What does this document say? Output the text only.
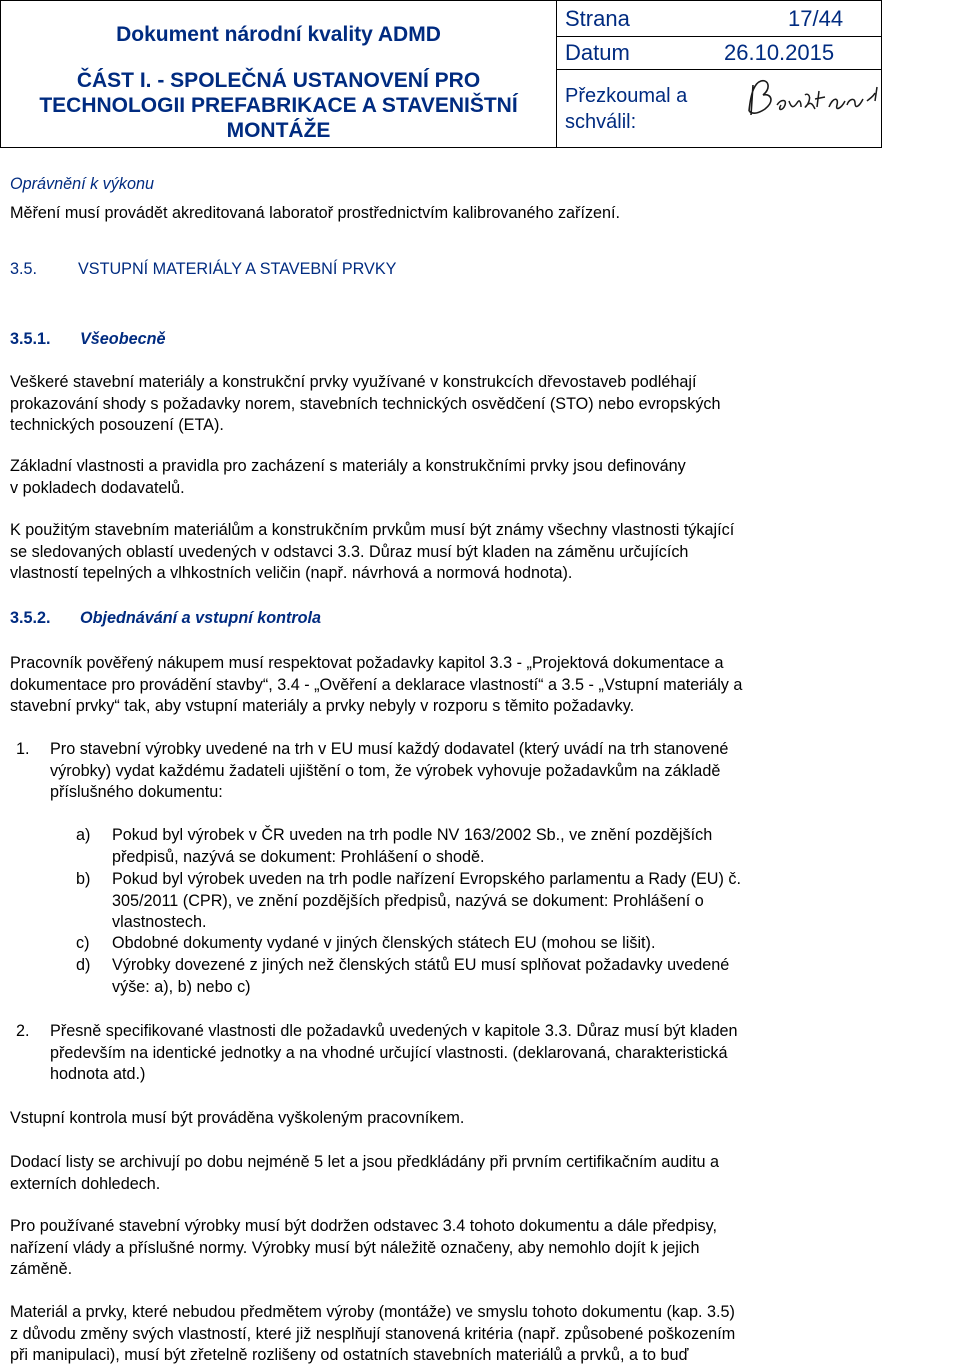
Dokument národní kvality ADMD
ČÁST I. - SPOLEČNÁ USTANOVENÍ PRO
TECHNOLOGII PREFABRIKACE A STAVENIŠTNÍ
MONTÁŽE
Strana	17/44
Datum	26.10.2015
Přezkoumal a
schválil:
Oprávnění k výkonu
Měření musí provádět akreditovaná laboratoř prostřednictvím kalibrovaného zařízení.
3.5.	VSTUPNÍ MATERIÁLY A STAVEBNÍ PRVKY
3.5.1. Všeobecně
Veškeré stavební materiály a konstrukční prvky využívané v konstrukcích dřevostaveb podléhají
prokazování shody s požadavky norem, stavebních technických osvědčení (STO) nebo evropských
technických posouzení (ETA).
Základní vlastnosti a pravidla pro zacházení s materiály a konstrukčními prvky jsou definovány
v pokladech dodavatelů.
K použitým stavebním materiálům a konstrukčním prvkům musí být známy všechny vlastnosti týkající
se sledovaných oblastí uvedených v odstavci 3.3. Důraz musí být kladen na záměnu určujících
vlastností tepelných a vlhkostních veličin (např. návrhová a normová hodnota).
3.5.2. Objednávání a vstupní kontrola
Pracovník pověřený nákupem musí respektovat požadavky kapitol 3.3 - „Projektová dokumentace a
dokumentace pro provádění stavby“, 3.4 - „Ověření a deklarace vlastností“ a 3.5 - „Vstupní materiály a
stavební prvky“ tak, aby vstupní materiály a prvky nebyly v rozporu s těmito požadavky.
1. Pro stavební výrobky uvedené na trh v EU musí každý dodavatel (který uvádí na trh stanovené
výrobky) vydat každému žadateli ujištění o tom, že výrobek vyhovuje požadavkům na základě
příslušného dokumentu:
a) Pokud byl výrobek v ČR uveden na trh podle NV 163/2002 Sb., ve znění pozdějších
předpisů, nazývá se dokument: Prohlášení o shodě.
b) Pokud byl výrobek uveden na trh podle nařízení Evropského parlamentu a Rady (EU) č.
305/2011 (CPR), ve znění pozdějších předpisů, nazývá se dokument: Prohlášení o
vlastnostech.
c) Obdobné dokumenty vydané v jiných členských státech EU (mohou se lišit).
d) Výrobky dovezené z jiných než členských států EU musí splňovat požadavky uvedené
výše: a), b) nebo c)
2. Přesně specifikované vlastnosti dle požadavků uvedených v kapitole 3.3. Důraz musí být kladen
především na identické jednotky a na vhodné určující vlastnosti. (deklarovaná, charakteristická
hodnota atd.)
Vstupní kontrola musí být prováděna vyškoleným pracovníkem.
Dodací listy se archivují po dobu nejméně 5 let a jsou předkládány při prvním certifikačním auditu a
externích dohledech.
Pro používané stavební výrobky musí být dodržen odstavec 3.4 tohoto dokumentu a dále předpisy,
nařízení vlády a příslušné normy. Výrobky musí být náležitě označeny, aby nemohlo dojít k jejich
záměně.
Materiál a prvky, které nebudou předmětem výroby (montáže) ve smyslu tohoto dokumentu (kap. 3.5)
z důvodu změny svých vlastností, které již nesplňují stanovená kritéria (např. způsobené poškozením
při manipulaci), musí být zřetelně rozlišeny od ostatních stavebních materiálů a prvků, a to buď
